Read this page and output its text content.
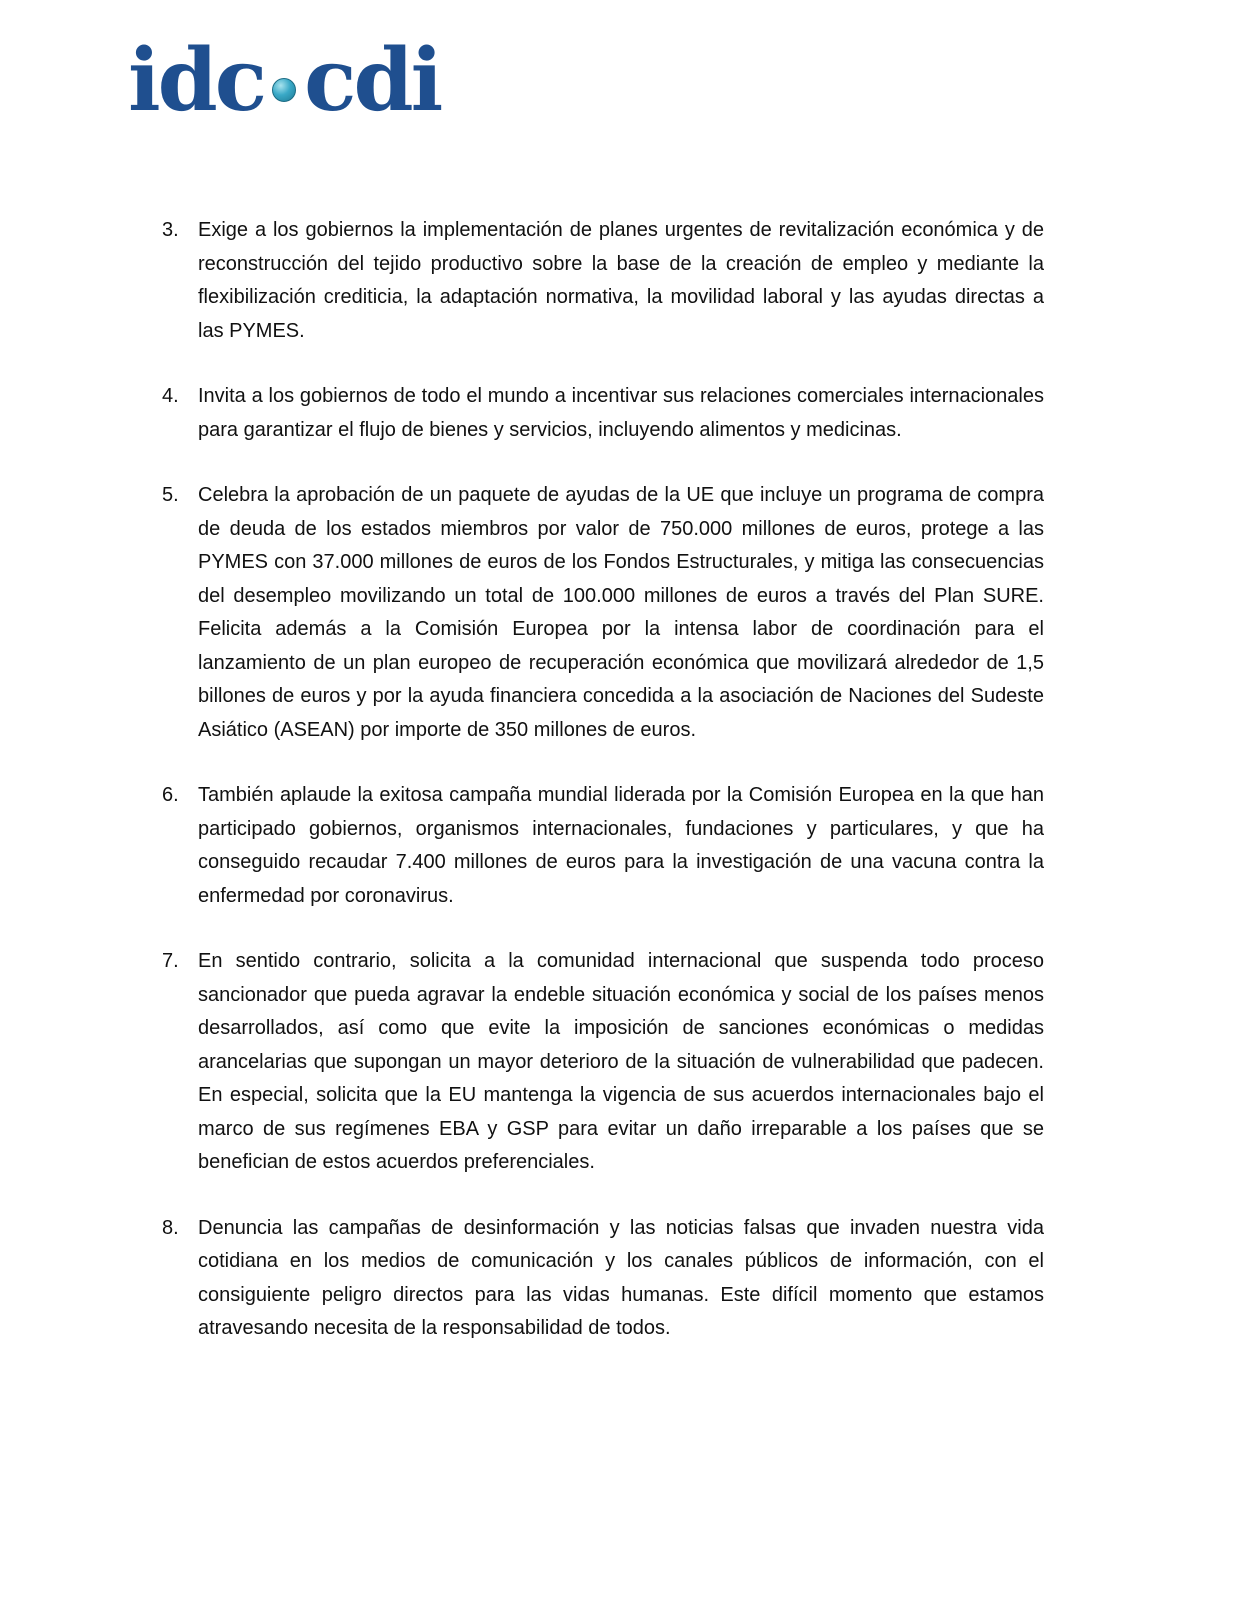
idc cdi
3. Exige a los gobiernos la implementación de planes urgentes de revitalización económica y de reconstrucción del tejido productivo sobre la base de la creación de empleo y mediante la flexibilización crediticia, la adaptación normativa, la movilidad laboral y las ayudas directas a las PYMES.
4. Invita a los gobiernos de todo el mundo a incentivar sus relaciones comerciales internacionales para garantizar el flujo de bienes y servicios, incluyendo alimentos y medicinas.
5. Celebra la aprobación de un paquete de ayudas de la UE que incluye un programa de compra de deuda de los estados miembros por valor de 750.000 millones de euros, protege a las PYMES con 37.000 millones de euros de los Fondos Estructurales, y mitiga las consecuencias del desempleo movilizando un total de 100.000 millones de euros a través del Plan SURE. Felicita además a la Comisión Europea por la intensa labor de coordinación para el lanzamiento de un plan europeo de recuperación económica que movilizará alrededor de 1,5 billones de euros y por la ayuda financiera concedida a la asociación de Naciones del Sudeste Asiático (ASEAN) por importe de 350 millones de euros.
6. También aplaude la exitosa campaña mundial liderada por la Comisión Europea en la que han participado gobiernos, organismos internacionales, fundaciones y particulares, y que ha conseguido recaudar 7.400 millones de euros para la investigación de una vacuna contra la enfermedad por coronavirus.
7. En sentido contrario, solicita a la comunidad internacional que suspenda todo proceso sancionador que pueda agravar la endeble situación económica y social de los países menos desarrollados, así como que evite la imposición de sanciones económicas o medidas arancelarias que supongan un mayor deterioro de la situación de vulnerabilidad que padecen. En especial, solicita que la EU mantenga la vigencia de sus acuerdos internacionales bajo el marco de sus regímenes EBA y GSP para evitar un daño irreparable a los países que se benefician de estos acuerdos preferenciales.
8. Denuncia las campañas de desinformación y las noticias falsas que invaden nuestra vida cotidiana en los medios de comunicación y los canales públicos de información, con el consiguiente peligro directos para las vidas humanas. Este difícil momento que estamos atravesando necesita de la responsabilidad de todos.
